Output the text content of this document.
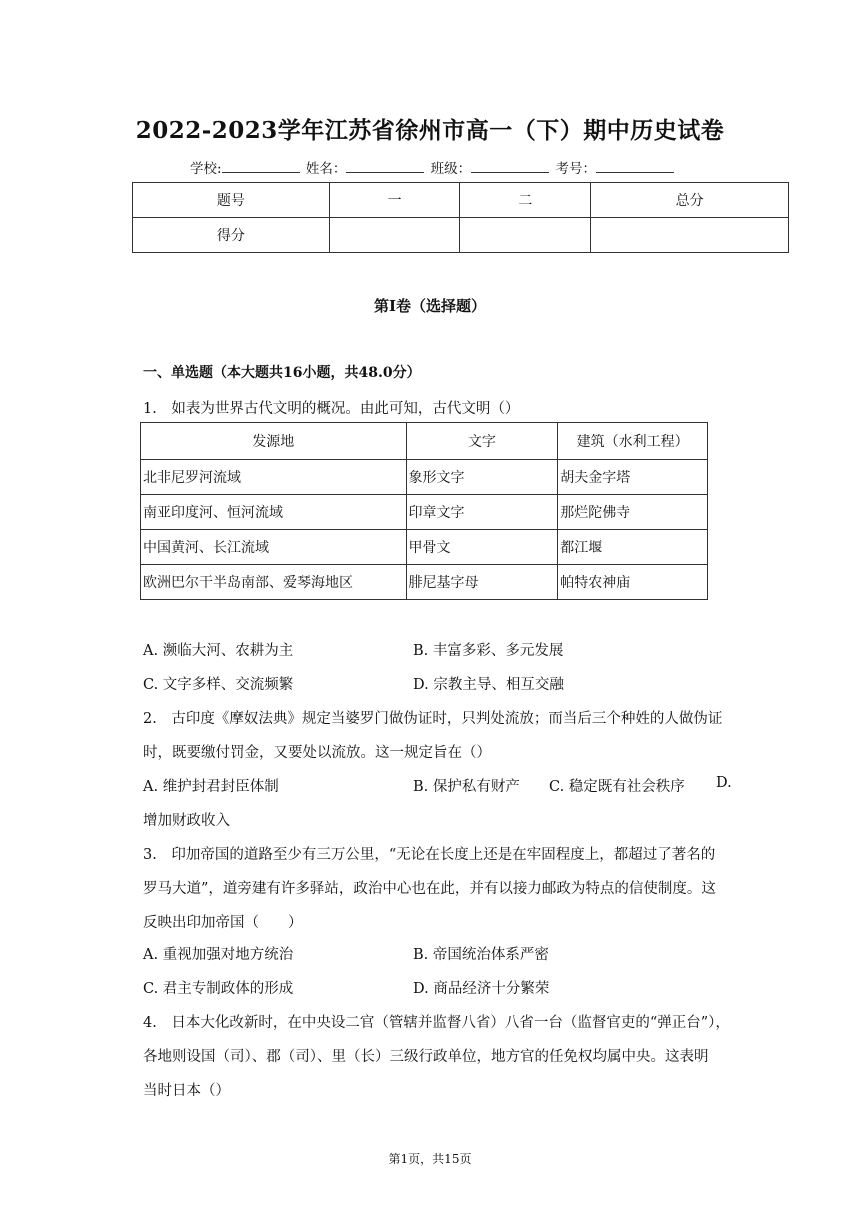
2022-2023学年江苏省徐州市高一（下）期中历史试卷
学校:	姓名：	班级：	考号：
题号	一	二	总分
得分			
第Ⅰ卷（选择题）
一、单选题（本大题共16小题，共48.0分）
1. 如表为世界古代文明的概况。由此可知，古代文明（）
发源地	文字	建筑（水利工程）
北非尼罗河流域	象形文字	胡夫金字塔
南亚印度河、恒河流域	印章文字	那烂陀佛寺
中国黄河、长江流域	甲骨文	都江堰
欧洲巴尔干半岛南部、爱琴海地区	腓尼基字母	帕特农神庙
A. 濒临大河、农耕为主	B. 丰富多彩、多元发展
C. 文字多样、交流频繁	D. 宗教主导、相互交融
2. 古印度《摩奴法典》规定当婆罗门做伪证时，只判处流放；而当后三个种姓的人做伪证
时，既要缴付罚金，又要处以流放。这一规定旨在（）
A. 维护封君封臣体制	B. 保护私有财产 C. 稳定既有社会秩序 D.
增加财政收入
3. 印加帝国的道路至少有三万公里，“无论在长度上还是在牢固程度上，都超过了著名的
罗马大道”，道旁建有许多驿站，政治中心也在此，并有以接力邮政为特点的信使制度。这
反映出印加帝国（　　）
A. 重视加强对地方统治	B. 帝国统治体系严密
C. 君主专制政体的形成	D. 商品经济十分繁荣
4. 日本大化改新时，在中央设二官（管辖并监督八省）八省一台（监督官吏的“弹正台”），
各地则设国（司）、郡（司）、里（长）三级行政单位，地方官的任免权均属中央。这表明
当时日本（）
第1页，共15页
